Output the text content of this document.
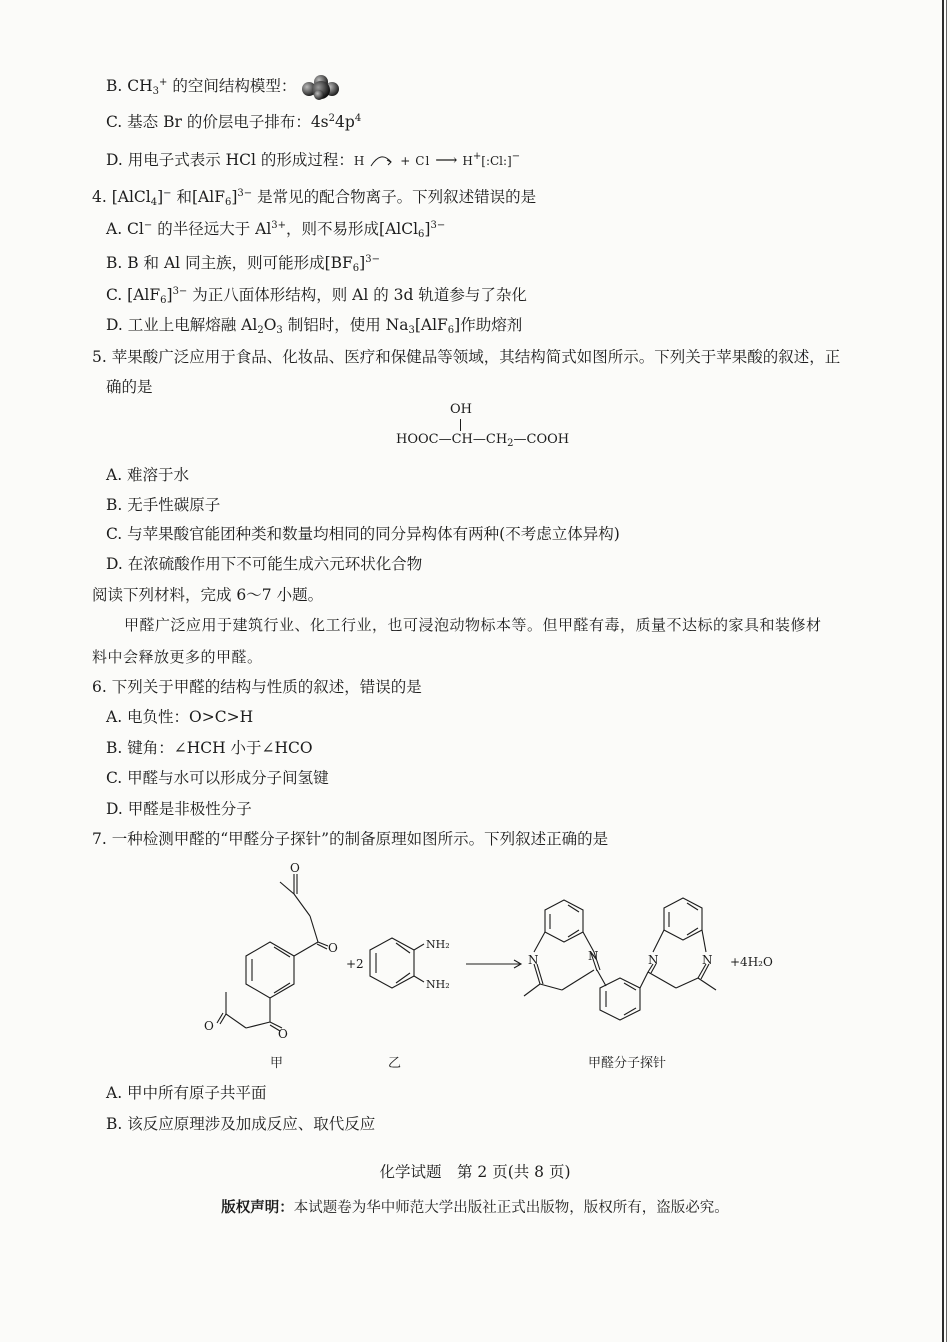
B. $CH_3^+$ 的空间结构模型：
C. 基态 Br 的价层电子排布：$4s^24p^4$
D. 用电子式表示 HCl 的形成过程：H	+ Cl ⟶ H+[:Cl:]−
4. [AlCl$_4$]− 和$[AlF_6]^{3-}$ 是常见的配合物离子。下列叙述错误的是
A. Cl− 的半径远大于 $Al^{3+}$，则不易形成[AlCl$_6$]$^{3-}$
B. B 和 Al 同主族，则可能形成$[BF_6]^{3-}$
C. $[AlF_6]^{3-}$ 为正八面体形结构，则 Al 的 3d 轨道参与了杂化
D. 工业上电解熔融 $Al_2O_3$ 制铝时，使用 $Na_3[AlF_6]$作助熔剂
5. 苹果酸广泛应用于食品、化妆品、医疗和保健品等领域，其结构简式如图所示。下列关于苹果酸的叙述，正
确的是
OH
$HOOC—CH—CH_2—COOH$
A. 难溶于水
B. 无手性碳原子
C. 与苹果酸官能团种类和数量均相同的同分异构体有两种(不考虑立体异构)
D. 在浓硫酸作用下不可能生成六元环状化合物
阅读下列材料，完成 6～7 小题。
甲醛广泛应用于建筑行业、化工行业，也可浸泡动物标本等。但甲醛有毒，质量不达标的家具和装修材
料中会释放更多的甲醛。
6. 下列关于甲醛的结构与性质的叙述，错误的是
A. 电负性：O>C>H
B. 键角：∠HCH 小于∠HCO
C. 甲醛与水可以形成分子间氢键
D. 甲醛是非极性分子
7. 一种检测甲醛的“甲醛分子探针”的制备原理如图所示。下列叙述正确的是
O
O
O
O
+2
NH₂
NH₂
N	N	N	N +4H₂O
甲	乙	甲醛分子探针
A. 甲中所有原子共平面
B. 该反应原理涉及加成反应、取代反应
化学试题　第 2 页(共 8 页)
版权声明：本试题卷为华中师范大学出版社正式出版物，版权所有，盗版必究。
